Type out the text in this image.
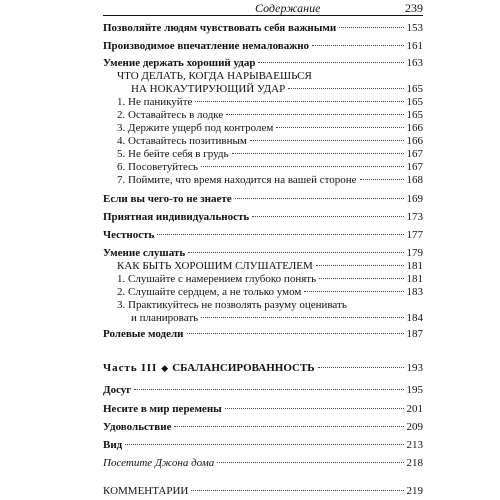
Содержание	239
Позволяйте людям чувствовать себя важными	153
Производимое впечатление немаловажно	161
Умение держать хороший удар	163
ЧТО ДЕЛАТЬ, КОГДА НАРЫВАЕШЬСЯ
НА НОКАУТИРУЮЩИЙ УДАР	165
1. Не паникуйте	165
2. Оставайтесь в лодке	165
3. Держите ущерб под контролем	166
4. Оставайтесь позитивным	166
5. Не бейте себя в грудь	167
6. Посоветуйтесь	167
7. Поймите, что время находится на вашей стороне	168
Если вы чего-то не знаете	169
Приятная индивидуальность	173
Честность	177
Умение слушать	179
КАК БЫТЬ ХОРОШИМ СЛУШАТЕЛЕМ	181
1. Слушайте с намерением глубоко понять	181
2. Слушайте сердцем, а не только умом	183
3. Практикуйтесь не позволять разуму оценивать
и планировать	184
Ролевые модели	187
Часть III ◆ СБАЛАНСИРОВАННОСТЬ	193
Досуг	195
Несите в мир перемены	201
Удовольствие	209
Вид	213
Посетите Джона дома	218
КОММЕНТАРИИ	219
